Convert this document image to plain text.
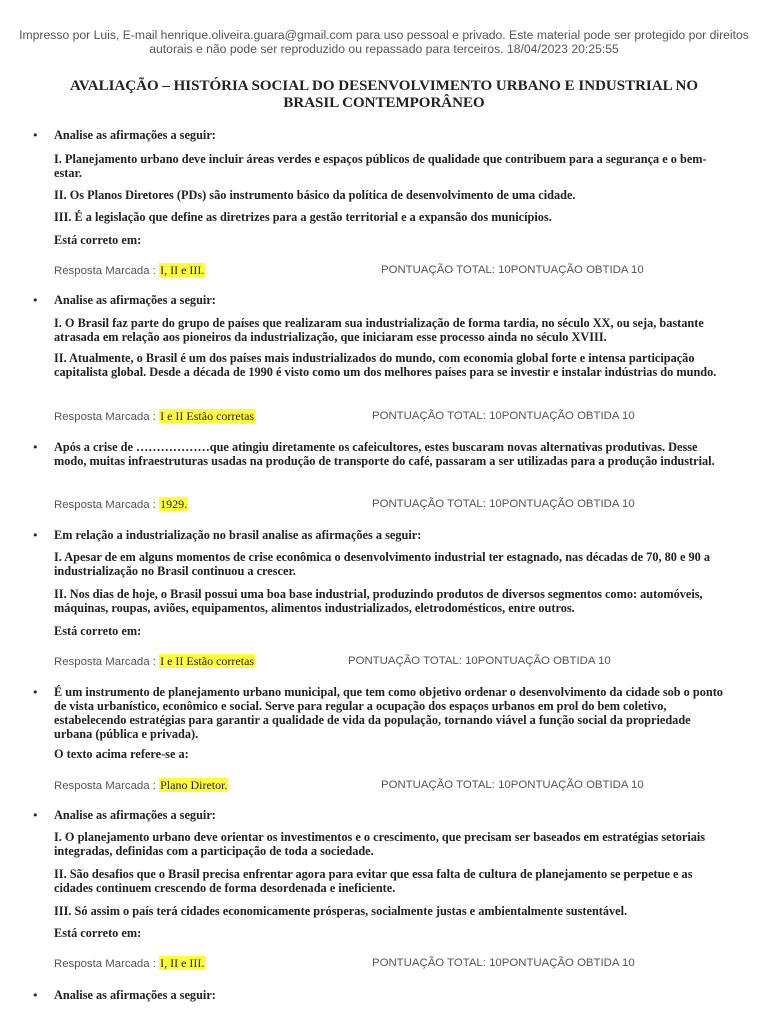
Impresso por Luis, E-mail henrique.oliveira.guara@gmail.com para uso pessoal e privado. Este material pode ser protegido por direitos
autorais e não pode ser reproduzido ou repassado para terceiros. 18/04/2023 20:25:55
AVALIAÇÃO – HISTÓRIA SOCIAL DO DESENVOLVIMENTO URBANO E INDUSTRIAL NO
BRASIL CONTEMPORÂNEO
• Analise as afirmações a seguir:

I. Planejamento urbano deve incluir áreas verdes e espaços públicos de qualidade que contribuem para a segurança e o bem-estar.

II. Os Planos Diretores (PDs) são instrumento básico da política de desenvolvimento de uma cidade.

III. É a legislação que define as diretrizes para a gestão territorial e a expansão dos municípios.

Está correto em:

Resposta Marcada : I, II e III.	PONTUAÇÃO TOTAL: 10PONTUAÇÃO OBTIDA 10
• Analise as afirmações a seguir:

I. O Brasil faz parte do grupo de países que realizaram sua industrialização de forma tardia, no século XX, ou seja, bastante atrasada em relação aos pioneiros da industrialização, que iniciaram esse processo ainda no século XVIII.

II. Atualmente, o Brasil é um dos países mais industrializados do mundo, com economia global forte e intensa participação capitalista global. Desde a década de 1990 é visto como um dos melhores países para se investir e instalar indústrias do mundo.

Resposta Marcada : I e II Estão corretas	PONTUAÇÃO TOTAL: 10PONTUAÇÃO OBTIDA 10
• Após a crise de ………………que atingiu diretamente os cafeicultores, estes buscaram novas alternativas produtivas. Desse modo, muitas infraestruturas usadas na produção de transporte do café, passaram a ser utilizadas para a produção industrial.

Resposta Marcada : 1929.	PONTUAÇÃO TOTAL: 10PONTUAÇÃO OBTIDA 10
• Em relação a industrialização no brasil analise as afirmações a seguir:

I. Apesar de em alguns momentos de crise econômica o desenvolvimento industrial ter estagnado, nas décadas de 70, 80 e 90 a industrialização no Brasil continuou a crescer.

II. Nos dias de hoje, o Brasil possui uma boa base industrial, produzindo produtos de diversos segmentos como: automóveis, máquinas, roupas, aviões, equipamentos, alimentos industrializados, eletrodomésticos, entre outros.

Está correto em:

Resposta Marcada : I e II Estão corretas	PONTUAÇÃO TOTAL: 10PONTUAÇÃO OBTIDA 10
• É um instrumento de planejamento urbano municipal, que tem como objetivo ordenar o desenvolvimento da cidade sob o ponto de vista urbanístico, econômico e social. Serve para regular a ocupação dos espaços urbanos em prol do bem coletivo, estabelecendo estratégias para garantir a qualidade de vida da população, tornando viável a função social da propriedade urbana (pública e privada).

O texto acima refere-se a:

Resposta Marcada : Plano Diretor.	PONTUAÇÃO TOTAL: 10PONTUAÇÃO OBTIDA 10
• Analise as afirmações a seguir:

I. O planejamento urbano deve orientar os investimentos e o crescimento, que precisam ser baseados em estratégias setoriais integradas, definidas com a participação de toda a sociedade.

II. São desafios que o Brasil precisa enfrentar agora para evitar que essa falta de cultura de planejamento se perpetue e as cidades continuem crescendo de forma desordenada e ineficiente.

III. Só assim o país terá cidades economicamente prósperas, socialmente justas e ambientalmente sustentável.

Está correto em:

Resposta Marcada : I, II e III.	PONTUAÇÃO TOTAL: 10PONTUAÇÃO OBTIDA 10
• Analise as afirmações a seguir:
